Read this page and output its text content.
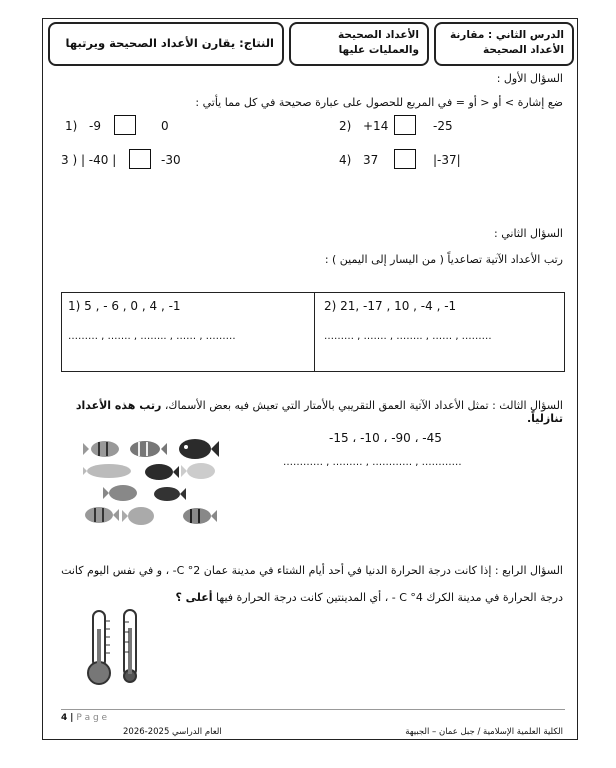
الدرس الثاني : مقارنة الأعداد الصحيحة
الأعداد الصحيحة والعمليات عليها
النتاج: يقارن الأعداد الصحيحة ويرتبها
السؤال الأول :
ضع إشارة > أو < أو = في المربع للحصول على عبارة صحيحة في كل مما يأتي :
1) -9	0	2) +14	-25
3 ) | -40 |	-30	4) 37	|-37|
السؤال الثاني :
رتب الأعداد الآتية تصاعدياً ( من اليسار إلى اليمين ) :
1) 5 , - 6 , 0 , 4 , -1	2) 21, -17 , 10 , -4 , -1
……… , ……. , …….. , …… , ………	……… , ……. , …….. , …… , ………
السؤال الثالث : تمثل الأعداد الآتية العمق التقريبي بالأمتار التي تعيش فيه بعض الأسماك، رتب هذه الأعداد تنازلياً.
-15 ، -10 ، -90 ، -45
………… , ……… , ………… , …………
السؤال الرابع : إذا كانت درجة الحرارة الدنيا في أحد أيام الشتاء في مدينة عمان C °2- ، و في نفس اليوم كانت
درجة الحرارة في مدينة الكرك C °4 - ، أي المدينتين كانت درجة الحرارة فيها أعلى ؟
4 | P a g e
العام الدراسي 2025-2026	الكلية العلمية الإسلامية / جبل عمان – الجبيهة
